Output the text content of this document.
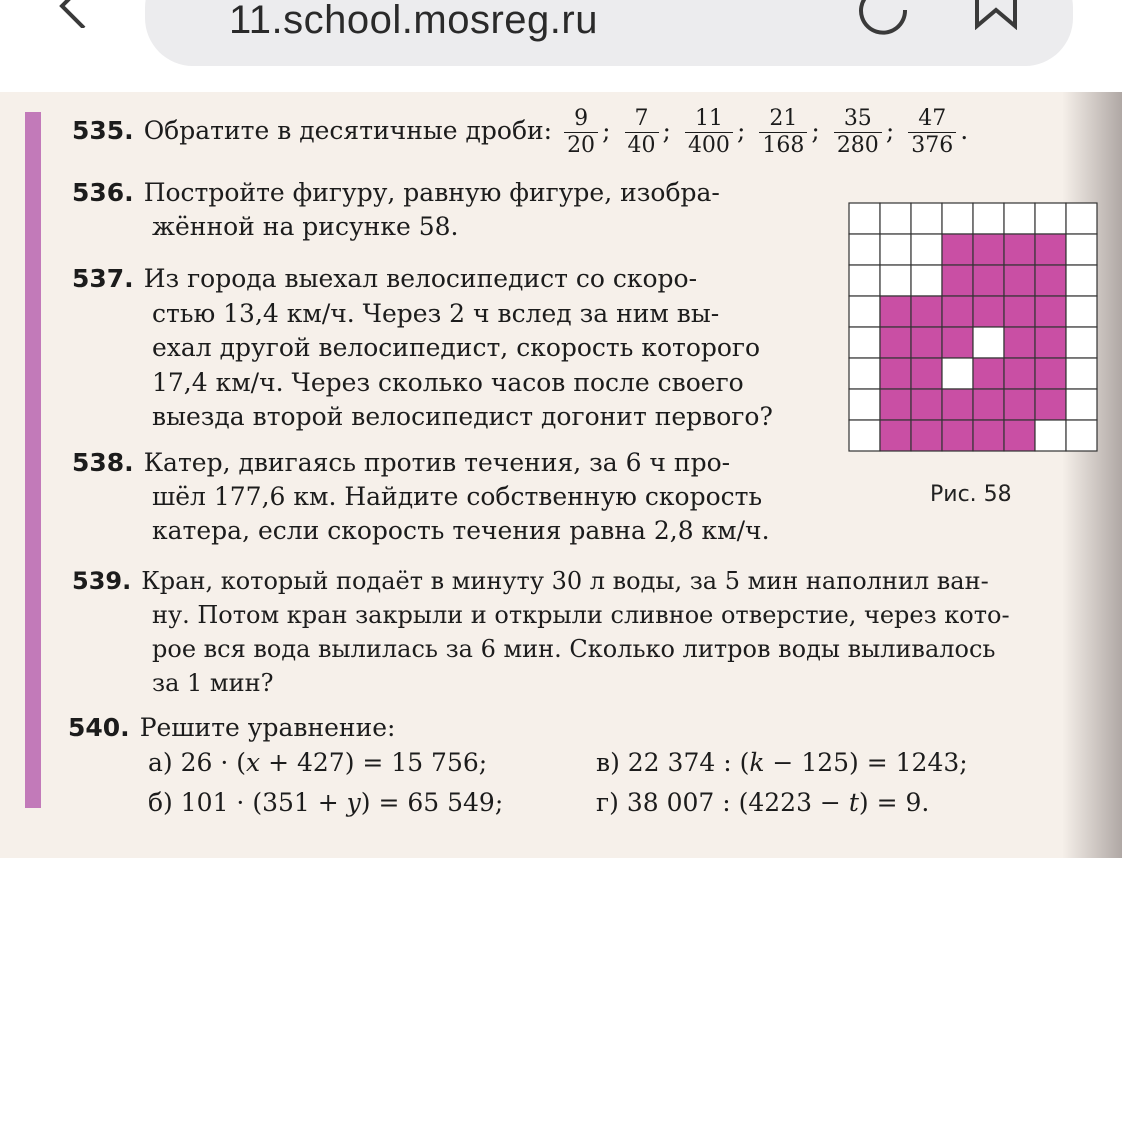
11.school.mosreg.ru
535. Обратите в десятичные дроби: $\frac{9}{20}$ ; $\frac{7}{40}$ ; $\frac{11}{400}$ ; $\frac{21}{168}$ ; $\frac{35}{280}$ ; $\frac{47}{376}$ .
536. Постройте фигуру, равную фигуре, изобра-
жённой на рисунке 58.
537. Из города выехал велосипедист со скоро-
стью 13,4 км/ч. Через 2 ч вслед за ним вы-
ехал другой велосипедист, скорость которого
17,4 км/ч. Через сколько часов после своего
выезда второй велосипедист догонит первого?
538. Катер, двигаясь против течения, за 6 ч про-
шёл 177,6 км. Найдите собственную скорость
катера, если скорость течения равна 2,8 км/ч.
539. Кран, который подаёт в минуту 30 л воды, за 5 мин наполнил ван-
ну. Потом кран закрыли и открыли сливное отверстие, через кото-
рое вся вода вылилась за 6 мин. Сколько литров воды выливалось
за 1 мин?
540. Решите уравнение:
а) 26 · (x + 427) = 15 756;
б) 101 · (351 + y) = 65 549;
в) 22 374 : (k − 125) = 1243;
г) 38 007 : (4223 − t) = 9.
Рис. 58
